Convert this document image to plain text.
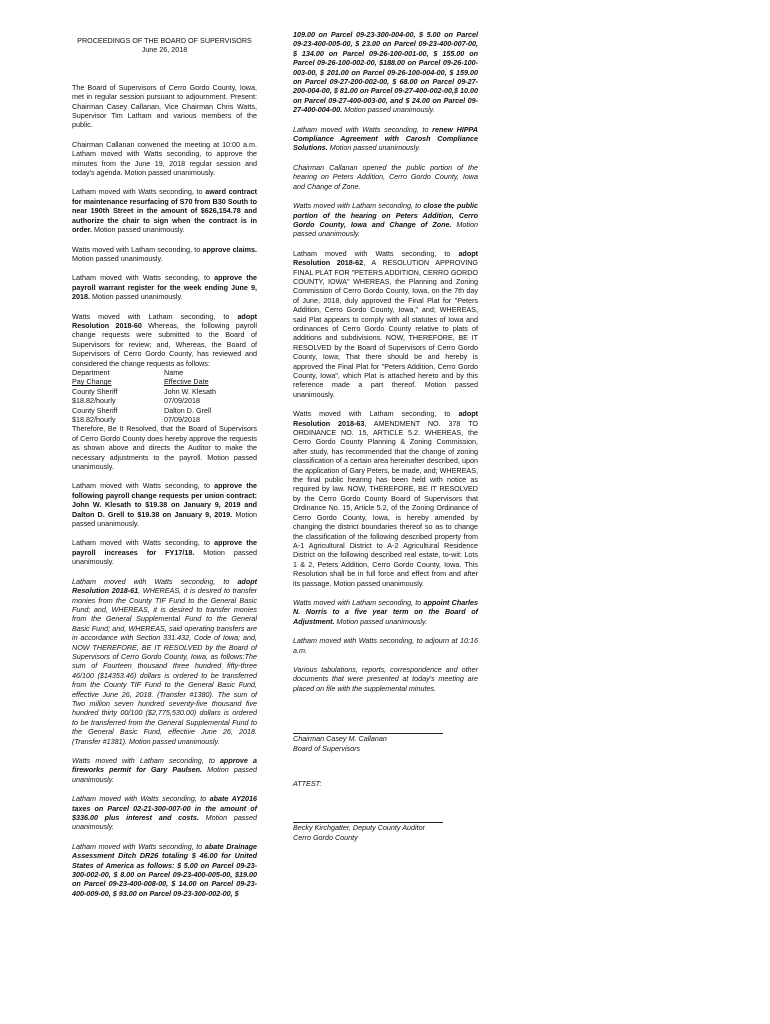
PROCEEDINGS OF THE BOARD OF SUPERVISORS
June 26, 2018

The Board of Supervisors of Cerro Gordo County, Iowa, met in regular session pursuant to adjournment. Present: Chairman Casey Callanan, Vice Chairman Chris Watts, Supervisor Tim Latham and various members of the public.

Chairman Callanan convened the meeting at 10:00 a.m. Latham moved with Watts seconding, to approve the minutes from the June 19, 2018 regular session and today's agenda. Motion passed unanimously.

Latham moved with Watts seconding, to award contract for maintenance resurfacing of S70 from B30 South to near 190th Street in the amount of $626,154.78 and authorize the chair to sign when the contract is in order. Motion passed unanimously.

Watts moved with Latham seconding, to approve claims. Motion passed unanimously.

Latham moved with Watts seconding, to approve the payroll warrant register for the week ending June 9, 2018. Motion passed unanimously.

Watts moved with Latham seconding, to adopt Resolution 2018-60 Whereas, the following payroll change requests were submitted to the Board of Supervisors for review; and, Whereas, the Board of Supervisors of Cerro Gordo County, has reviewed and considered the change requests as follows:
Department	Name
Pay Change	Effective Date
County Sheriff	John W. Klesath
$18.82/hourly	07/09/2018
County Sheriff	Dalton D. Grell
$18.82/hourly	07/09/2018
Therefore, Be It Resolved, that the Board of Supervisors of Cerro Gordo County does hereby approve the requests as shown above and directs the Auditor to make the necessary adjustments to the payroll. Motion passed unanimously.

Latham moved with Watts seconding, to approve the following payroll change requests per union contract: John W. Klesath to $19.38 on January 9, 2019 and Dalton D. Grell to $19.38 on January 9, 2019. Motion passed unanimously.

Latham moved with Watts seconding, to approve the payroll increases for FY17/18. Motion passed unanimously.

Latham moved with Watts seconding, to adopt Resolution 2018-61, WHEREAS, it is desired to transfer monies from the County TIF Fund to the General Basic Fund; and, WHEREAS, it is desired to transfer monies from the General Supplemental Fund to the General Basic Fund; and, WHEREAS, said operating transfers are in accordance with Section 331.432, Code of Iowa; and, NOW THEREFORE, BE IT RESOLVED by the Board of Supervisors of Cerro Gordo County, Iowa, as follows:The sum of Fourteen thousand three hundred fifty-three 46/100 ($14353.46) dollars is ordered to be transferred from the County TIF Fund to the General Basic Fund, effective June 26, 2018. (Transfer #1380). The sum of Two million seven hundred seventy-five thousand five hundred thirty 00/100 ($2,775,530.00) dollars is ordered to be transferred from the General Supplemental Fund to the General Basic Fund, effective June 26, 2018. (Transfer #1381). Motion passed unanimously.

Watts moved with Latham seconding, to approve a fireworks permit for Gary Paulsen. Motion passed unanimously.

Latham moved with Watts seconding, to abate AY2016 taxes on Parcel 02-21-300-007-00 in the amount of $336.00 plus interest and costs. Motion passed unanimously.

Latham moved with Watts seconding, to abate Drainage Assessment Ditch DR26 totaling $ 46.00 for United States of America as follows: $ 5.00 on Parcel 09-23-300-002-00, $ 8.00 on Parcel 09-23-400-005-00, $19.00 on Parcel 09-23-400-008-00, $ 14.00 on Parcel 09-23-400-009-00, $ 93.00 on Parcel 09-23-300-002-00, $

109.00 on Parcel 09-23-300-004-00, $ 5.00 on Parcel 09-23-400-005-00, $ 23.00 on Parcel 09-23-400-007-00, $ 134.00 on Parcel 09-26-100-001-00, $ 155.00 on Parcel 09-26-100-002-00, $188.00 on Parcel 09-26-100-003-00, $ 201.00 on Parcel 09-26-100-004-00, $ 159.00 on Parcel 09-27-200-002-00, $ 68.00 on Parcel 09-27-200-004-00, $ 81.00 on Parcel 09-27-400-002-00,$ 10.00 on Parcel 09-27-400-003-00, and $ 24.00 on Parcel 09-27-400-004-00. Motion passed unanimously.

Latham moved with Watts seconding, to renew HIPPA Compliance Agreement with Carosh Compliance Solutions. Motion passed unanimously.

Chairman Callanan opened the public portion of the hearing on Peters Addition, Cerro Gordo County, Iowa and Change of Zone.

Watts moved with Latham seconding, to close the public portion of the hearing on Peters Addition, Cerro Gordo County, Iowa and Change of Zone. Motion passed unanimously.

Latham moved with Watts seconding, to adopt Resolution 2018-62, A RESOLUTION APPROVING FINAL PLAT FOR "PETERS ADDITION, CERRO GORDO COUNTY, IOWA" WHEREAS, the Planning and Zoning Commission of Cerro Gordo County, Iowa, on the 7th day of June, 2018, duly approved the Final Plat for "Peters Addition, Cerro Gordo County, Iowa," and; WHEREAS, said Plat appears to comply with all statutes of Iowa and ordinances of Cerro Gordo County relative to plats of additions and subdivisions. NOW, THEREFORE, BE IT RESOLVED by the Board of Supervisors of Cerro Gordo County, Iowa; That there should be and hereby is approved the Final Plat for "Peters Addition, Cerro Gordo County, Iowa", which Plat is attached hereto and by this reference made a part thereof. Motion passed unanimously.

Watts moved with Latham seconding, to adopt Resolution 2018-63, AMENDMENT NO. 378 TO ORDINANCE NO. 15, ARTICLE 5.2. WHEREAS, the Cerro Gordo County Planning & Zoning Commission, after study, has recommended that the change of zoning classification of a certain area hereinafter described, upon the application of Gary Peters, be made, and; WHEREAS, the final public hearing has been held with notice as required by law. NOW, THEREFORE, BE IT RESOLVED by the Cerro Gordo County Board of Supervisors that Ordinance No. 15, Article 5.2, of the Zoning Ordinance of Cerro Gordo County, Iowa, is hereby amended by changing the district boundaries thereof so as to change the classification of the following described property from A-1 Agricultural District to A-2 Agricultural Residence District on the following described real estate, to-wit: Lots 1 & 2, Peters Addition, Cerro Gordo County, Iowa. This Resolution shall be in full force and effect from and after its passage. Motion passed unanimously.

Watts moved with Latham seconding, to appoint Charles N. Norris to a five year term on the Board of Adjustment. Motion passed unanimously.

Latham moved with Watts seconding, to adjourn at 10:16 a.m.

Various tabulations, reports, correspondence and other documents that were presented at today's meeting are placed on file with the supplemental minutes.

Chairman Casey M. Callanan
Board of Supervisors
ATTEST:
Becky Kirchgatter, Deputy County Auditor
Cerro Gordo County
